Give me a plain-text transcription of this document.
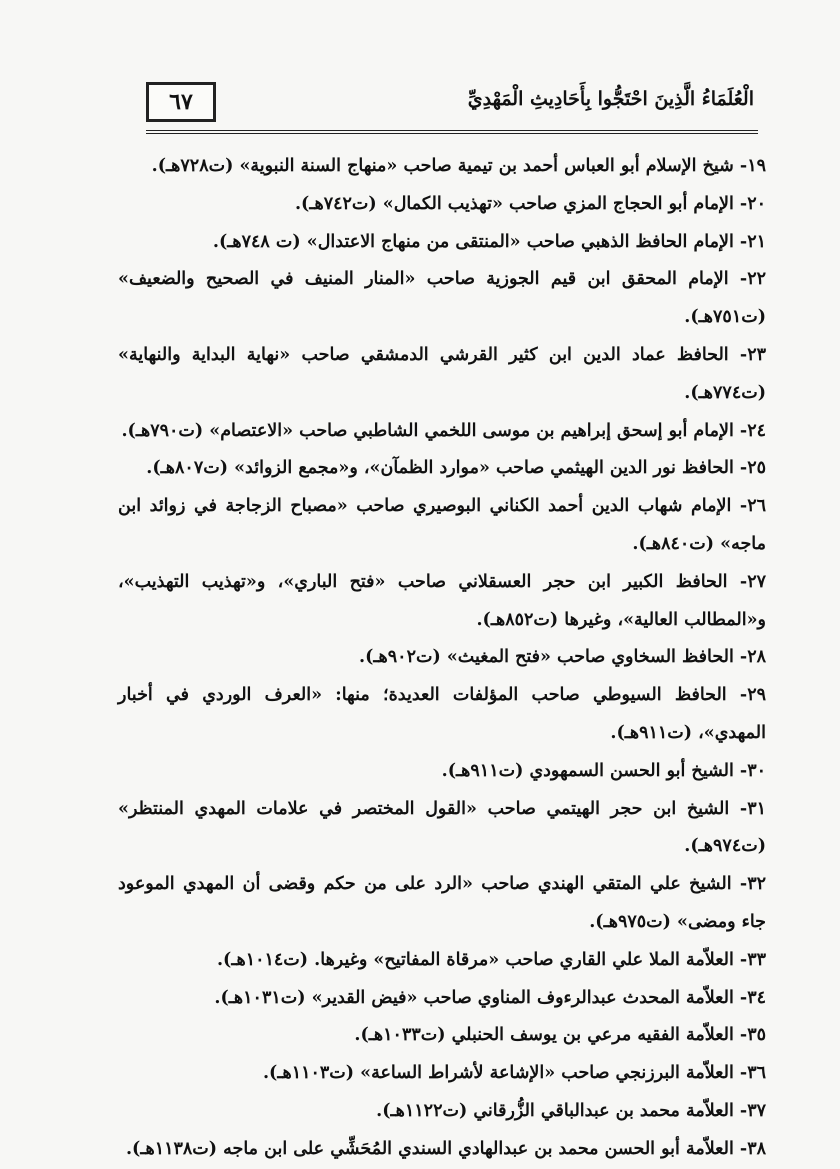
٦٧	الْعُلَمَاءُ الَّذِينَ احْتَجُّوا بِأَحَادِيثِ الْمَهْدِيِّ
١٩- شيخ الإسلام أبو العباس أحمد بن تيمية صاحب «منهاج السنة النبوية» (ت٧٢٨هـ).
٢٠- الإمام أبو الحجاج المزي صاحب «تهذيب الكمال» (ت٧٤٢هـ).
٢١- الإمام الحافظ الذهبي صاحب «المنتقى من منهاج الاعتدال» (ت ٧٤٨هـ).
٢٢- الإمام المحقق ابن قيم الجوزية صاحب «المنار المنيف في الصحيح والضعيف» (ت٧٥١هـ).
٢٣- الحافظ عماد الدين ابن كثير القرشي الدمشقي صاحب «نهاية البداية والنهاية» (ت٧٧٤هـ).
٢٤- الإمام أبو إسحق إبراهيم بن موسى اللخمي الشاطبي صاحب «الاعتصام» (ت٧٩٠هـ).
٢٥- الحافظ نور الدين الهيثمي صاحب «موارد الظمآن»، و«مجمع الزوائد» (ت٨٠٧هـ).
٢٦- الإمام شهاب الدين أحمد الكناني البوصيري صاحب «مصباح الزجاجة في زوائد ابن ماجه» (ت٨٤٠هـ).
٢٧- الحافظ الكبير ابن حجر العسقلاني صاحب «فتح الباري»، و«تهذيب التهذيب»، و«المطالب العالية»، وغيرها (ت٨٥٢هـ).
٢٨- الحافظ السخاوي صاحب «فتح المغيث» (ت٩٠٢هـ).
٢٩- الحافظ السيوطي صاحب المؤلفات العديدة؛ منها: «العرف الوردي في أخبار المهدي»، (ت٩١١هـ).
٣٠- الشيخ أبو الحسن السمهودي (ت٩١١هـ).
٣١- الشيخ ابن حجر الهيتمي صاحب «القول المختصر في علامات المهدي المنتظر» (ت٩٧٤هـ).
٣٢- الشيخ علي المتقي الهندي صاحب «الرد على من حكم وقضى أن المهدي الموعود جاء ومضى» (ت٩٧٥هـ).
٣٣- العلاّمة الملا علي القاري صاحب «مرقاة المفاتيح» وغيرها. (ت١٠١٤هـ).
٣٤- العلاّمة المحدث عبدالرءوف المناوي صاحب «فيض القدير» (ت١٠٣١هـ).
٣٥- العلاّمة الفقيه مرعي بن يوسف الحنبلي (ت١٠٣٣هـ).
٣٦- العلاّمة البرزنجي صاحب «الإشاعة لأشراط الساعة» (ت١١٠٣هـ).
٣٧- العلاّمة محمد بن عبدالباقي الزُّرقاني (ت١١٢٢هـ).
٣٨- العلاّمة أبو الحسن محمد بن عبدالهادي السندي المُحَشِّي على ابن ماجه (ت١١٣٨هـ).
